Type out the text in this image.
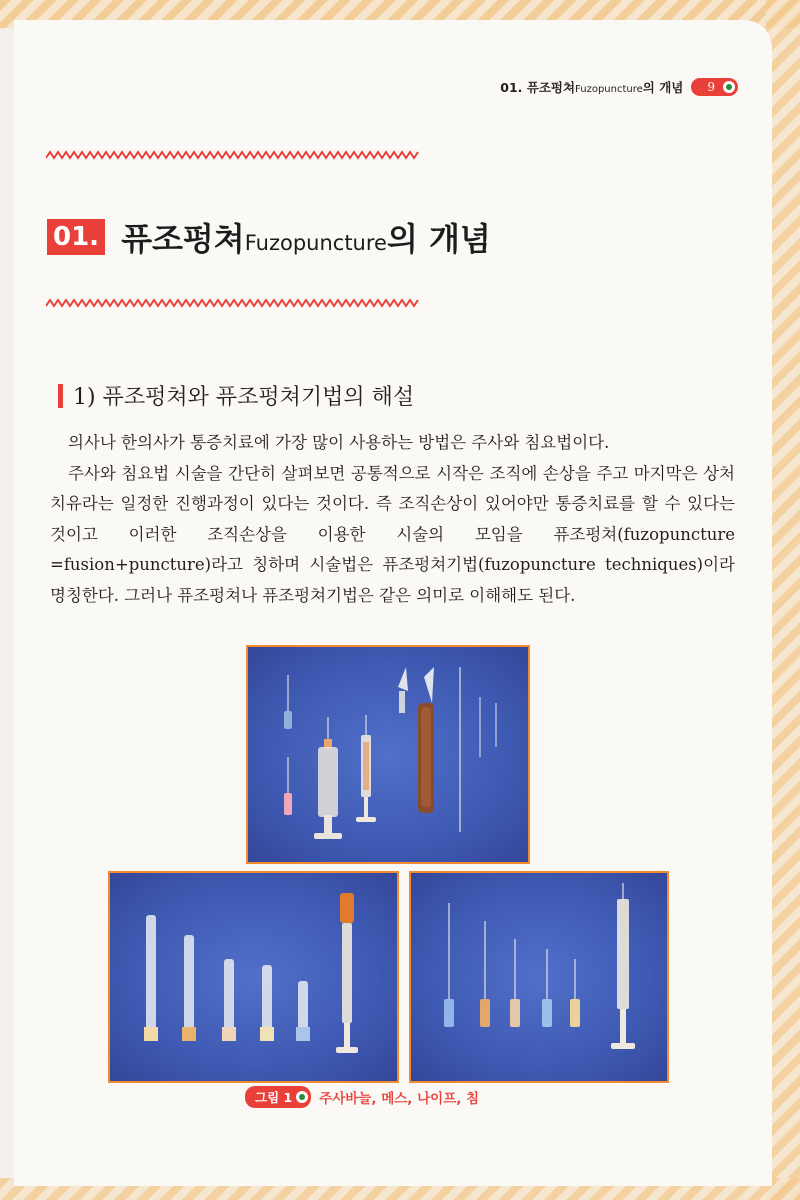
01. 퓨조펑쳐Fuzopuncture의 개념 9
01. 퓨조펑쳐Fuzopuncture의 개념
1) 퓨조펑쳐와 퓨조펑쳐기법의 해설

의사나 한의사가 통증치료에 가장 많이 사용하는 방법은 주사와 침요법이다.

주사와 침요법 시술을 간단히 살펴보면 공통적으로 시작은 조직에 손상을 주고 마지막은 상처치유라는 일정한 진행과정이 있다는 것이다. 즉 조직손상이 있어야만 통증치료를 할 수 있다는 것이고 이러한 조직손상을 이용한 시술의 모임을 퓨조펑쳐(fuzopuncture =fusion+puncture)라고 칭하며 시술법은 퓨조펑쳐기법(fuzopuncture techniques)이라 명칭한다. 그러나 퓨조펑쳐나 퓨조펑쳐기법은 같은 의미로 이해해도 된다.

그림 1 주사바늘, 메스, 나이프, 침
